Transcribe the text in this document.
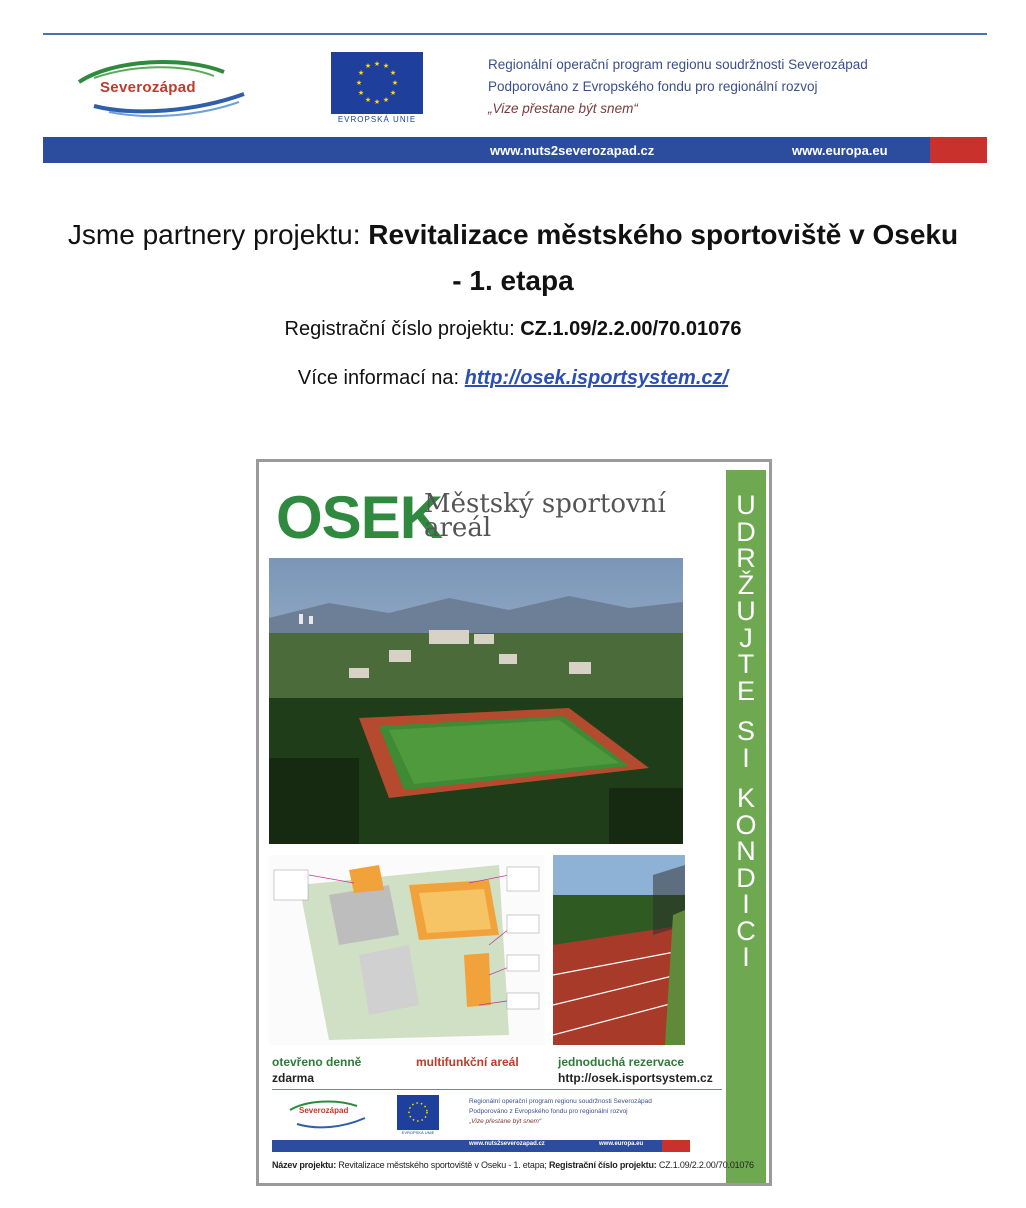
Severozápad
★ ★
★
★
★
★
★
★
★
★
★
★
EVROPSKÁ UNIE
Regionální operační program regionu soudržnosti Severozápad
Podporováno z Evropského fondu pro regionální rozvoj
„Vize přestane být snem“
www.nuts2severozapad.cz	www.europa.eu
Jsme partnery projektu: Revitalizace městského sportoviště v Oseku
- 1. etapa
Registrační číslo projektu: CZ.1.09/2.2.00/70.01076
Více informací na: http://osek.isportsystem.cz/
OSEK
Městský sportovní
areál
U
D
R
Ž
U
J
T
E
S
I
K
O
N
D
I
C
I
otevřeno denně
zdarma
multifunkční areál	jednoduchá rezervace
http://osek.isportsystem.cz
Severozápad
EVROPSKÁ UNIE
Regionální operační program regionu soudržnosti Severozápad
Podporováno z Evropského fondu pro regionální rozvoj
„Vize přestane být snem“
www.nuts2severozapad.cz	www.europa.eu
Název projektu: Revitalizace městského sportoviště v Oseku - 1. etapa; Registrační číslo projektu: CZ.1.09/2.2.00/70.01076
